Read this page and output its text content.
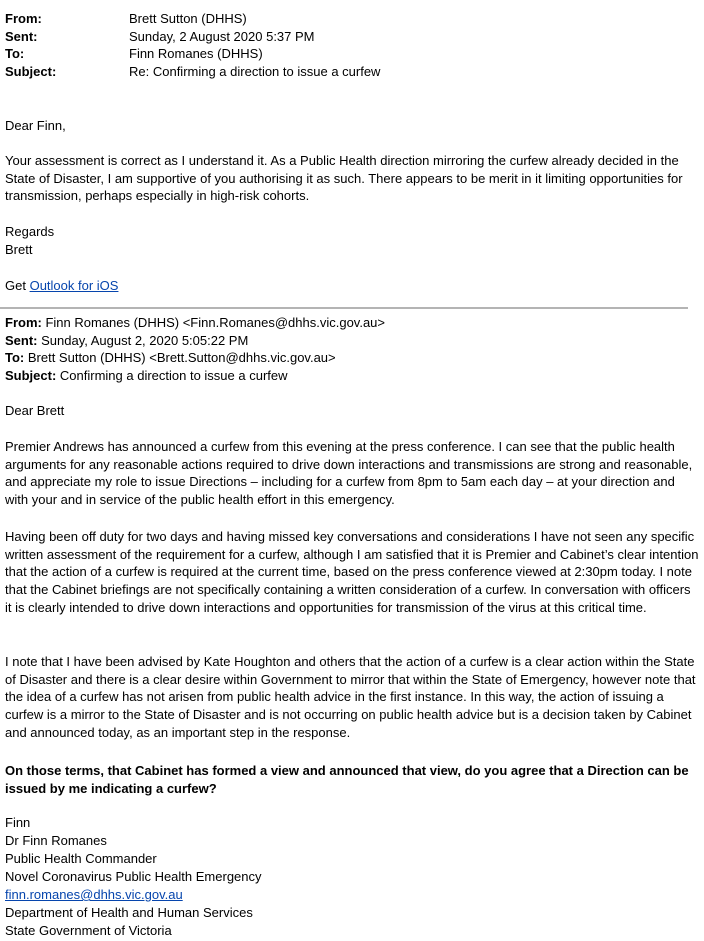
From:	Brett Sutton (DHHS)
Sent:	Sunday, 2 August 2020 5:37 PM
To:	Finn Romanes (DHHS)
Subject:	Re: Confirming a direction to issue a curfew
Dear Finn,
Your assessment is correct as I understand it. As a Public Health direction mirroring the curfew already decided in the State of Disaster, I am supportive of you authorising it as such. There appears to be merit in it limiting opportunities for transmission, perhaps especially in high-risk cohorts.
Regards
Brett
Get Outlook for iOS
From: Finn Romanes (DHHS) <Finn.Romanes@dhhs.vic.gov.au>
Sent: Sunday, August 2, 2020 5:05:22 PM
To: Brett Sutton (DHHS) <Brett.Sutton@dhhs.vic.gov.au>
Subject: Confirming a direction to issue a curfew
Dear Brett
Premier Andrews has announced a curfew from this evening at the press conference. I can see that the public health arguments for any reasonable actions required to drive down interactions and transmissions are strong and reasonable, and appreciate my role to issue Directions – including for a curfew from 8pm to 5am each day – at your direction and with your and in service of the public health effort in this emergency.
Having been off duty for two days and having missed key conversations and considerations I have not seen any specific written assessment of the requirement for a curfew, although I am satisfied that it is Premier and Cabinet’s clear intention that the action of a curfew is required at the current time, based on the press conference viewed at 2:30pm today. I note that the Cabinet briefings are not specifically containing a written consideration of a curfew. In conversation with officers it is clearly intended to drive down interactions and opportunities for transmission of the virus at this critical time.
I note that I have been advised by Kate Houghton and others that the action of a curfew is a clear action within the State of Disaster and there is a clear desire within Government to mirror that within the State of Emergency, however note that the idea of a curfew has not arisen from public health advice in the first instance. In this way, the action of issuing a curfew is a mirror to the State of Disaster and is not occurring on public health advice but is a decision taken by Cabinet and announced today, as an important step in the response.
On those terms, that Cabinet has formed a view and announced that view, do you agree that a Direction can be issued by me indicating a curfew?
Finn
Dr Finn Romanes
Public Health Commander
Novel Coronavirus Public Health Emergency
finn.romanes@dhhs.vic.gov.au
Department of Health and Human Services
State Government of Victoria
